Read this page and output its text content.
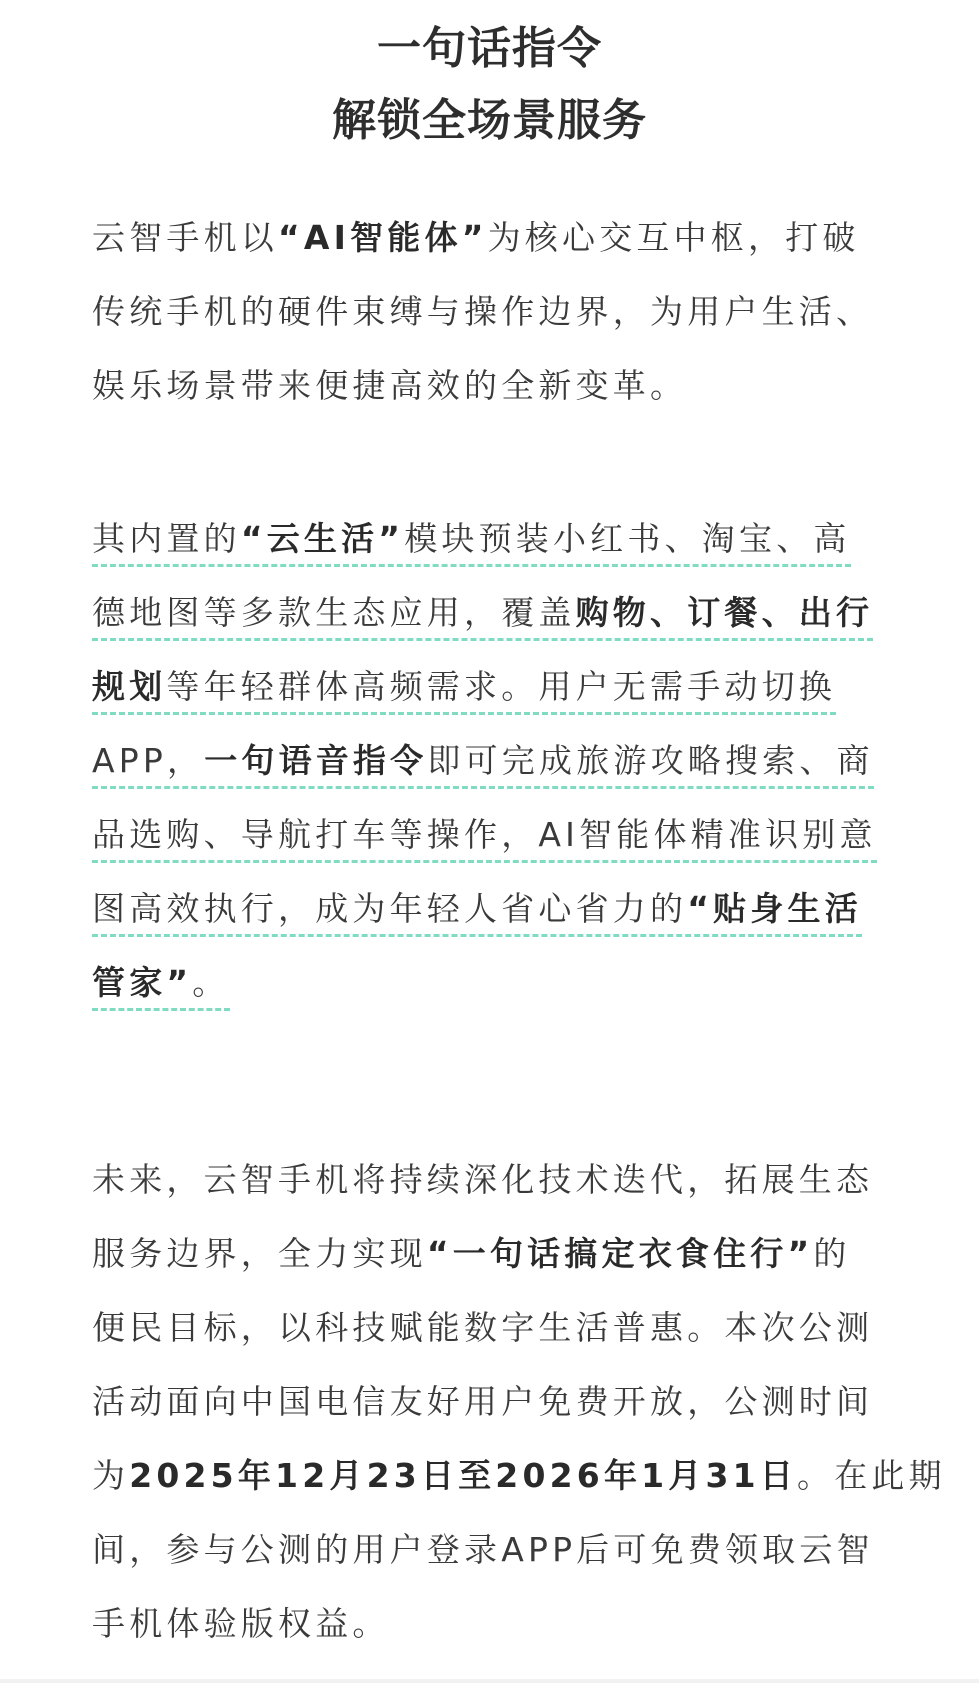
一句话指令
解锁全场景服务
云智手机以“AI智能体”为核心交互中枢，打破
传统手机的硬件束缚与操作边界，为用户生活、
娱乐场景带来便捷高效的全新变革。
其内置的“云生活”模块预装小红书、淘宝、高
德地图等多款生态应用，覆盖购物、订餐、出行
规划等年轻群体高频需求。用户无需手动切换
APP，一句语音指令即可完成旅游攻略搜索、商
品选购、导航打车等操作，AI智能体精准识别意
图高效执行，成为年轻人省心省力的“贴身生活
管家”。
未来，云智手机将持续深化技术迭代，拓展生态
服务边界，全力实现“一句话搞定衣食住行”的
便民目标，以科技赋能数字生活普惠。本次公测
活动面向中国电信友好用户免费开放，公测时间
为2025年12月23日至2026年1月31日。在此期
间，参与公测的用户登录APP后可免费领取云智
手机体验版权益。
